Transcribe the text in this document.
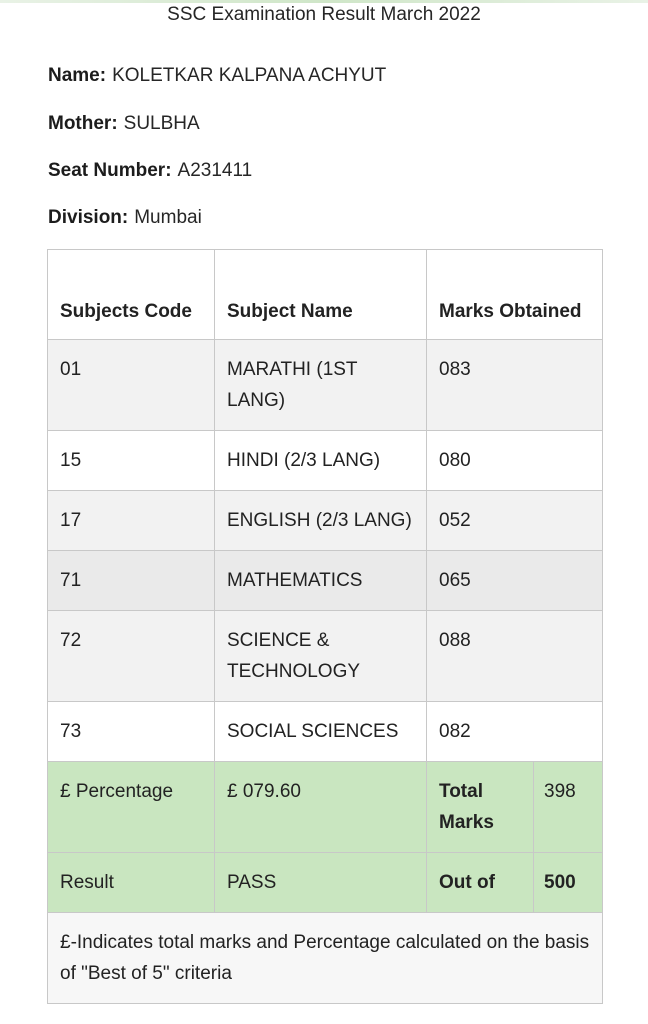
SSC Examination Result March 2022
Name: KOLETKAR KALPANA ACHYUT
Mother: SULBHA
Seat Number: A231411
Division: Mumbai
Subjects Code	Subject Name	Marks Obtained	
01	MARATHI (1ST LANG)	083	
15	HINDI (2/3 LANG)	080	
17	ENGLISH (2/3 LANG)	052	
71	MATHEMATICS	065	
72	SCIENCE & TECHNOLOGY	088	
73	SOCIAL SCIENCES	082	
£ Percentage	£ 079.60	Total Marks	398
Result	PASS	Out of	500
£-Indicates total marks and Percentage calculated on the basis of "Best of 5" criteria			
